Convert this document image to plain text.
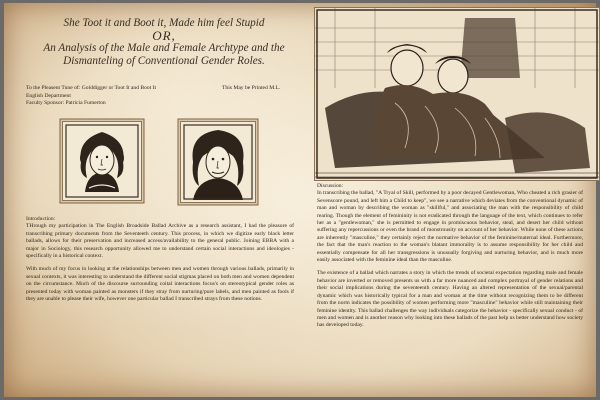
She Toot it and Boot it, Made him feel Stupid
OR,
An Analysis of the Male and Female Archtype and the
Dismanteling of Conventional Gender Roles.
To the Pleasent Tune of: Golddigger or Toot It and Boot It
English Department
Faculty Sponsor: Patricia Fumerton
This May be Printed M.L.

Introduction:
THrough my participation in The English Broadside Ballad Archive as a research assistant, I had the pleasure of transcribing primary documents from the Seventeeth century. This process, in which we digitize early black letter ballads, allows for their preservation and increased access/availability to the general public. Joining EBBA with a major in Sociology, this research opportunity allowed me to understand certain social interactions and ideologies - specifically in a historical context.

With much of my focus in looking at the relationships between men and women through various ballads, primarily in sexual contexts, it was interesting to understand the different social stigmas placed on both men and women dependent on the circumstance. Much of the discourse surrounding coital interactions focus's on stereotypical gender roles as presented today with woman painted as monsters if they stray from nurturing/pure labels, and men painted as fools if they are unable to please their wife, however one particular ballad I transcribed strays from these notions.

Discussion:
In transcribing the ballad, "A Tryal of Skill, performed by a poor decayed Gentlewoman, Who cheated a rich grasier of Sevenscore pound, and left him a Child to keep", we see a narrative which deviates from the conventional dynamic of man and woman by describing the woman as "skillful," and associating the man with the responsibility of child rearing. Though the element of femininity is not eradicated through the language of the text, which continues to refer her as a "gentlewoman," she is permitted to engage in promiscuous behavior, steal, and desert her child without suffering any repercussions or even the brand of monstrousity on account of her behavior. While none of these actions are inherently "masculine," they certainly reject the normative behavior of the feminine/maternal ideal. Furthermore, the fact that the man's reaction to the woman's blatant immorality is to assume responsibility for her child and essentially compensate for all her transgressions is unusually forgiving and nurturing behavior, and is much more easily associated with the feminine ideal than the masculine.

The existence of a ballad which narrates a story in which the trends of societal expectation regarding male and female behavior are inverted or removed presents us with a far more nuanced and complex portrayal of gender relations and their social implications during the seventeenth century. Having an altered representation of the sexual/parental dynamic which was historically typical for a man and woman at the time without recognizing them to be different from the norm indicates the possibility of women performing more "masculine" behavior while still maintaining their feminine identity. This ballad challenges the way individuals categorize the behavior - specifically sexual conduct - of men and women and is another reason why looking into these ballads of the past help us better understand how society has developed today.
